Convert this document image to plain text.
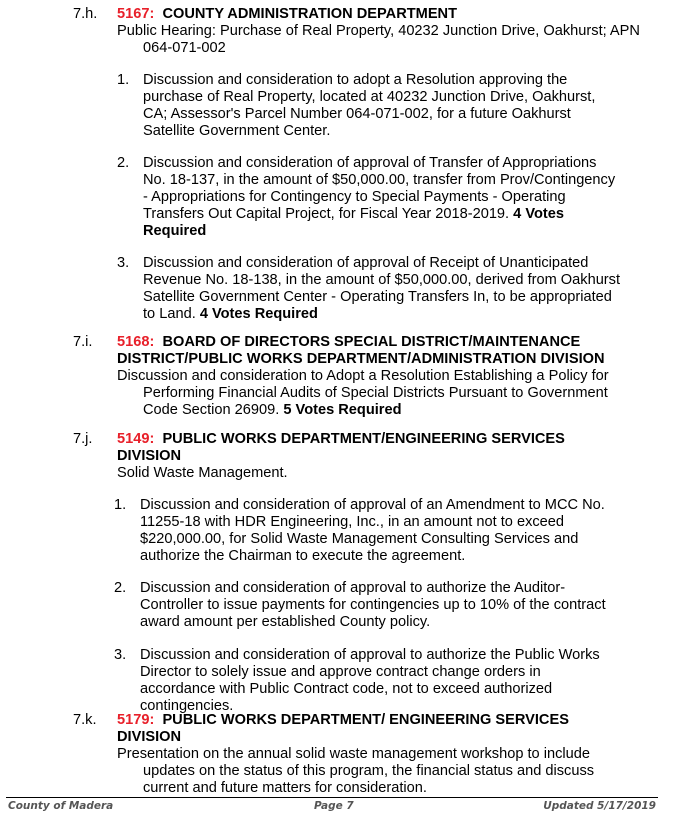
7.h. 5167: COUNTY ADMINISTRATION DEPARTMENT
Public Hearing: Purchase of Real Property, 40232 Junction Drive, Oakhurst; APN 064-071-002
1. Discussion and consideration to adopt a Resolution approving the purchase of Real Property, located at 40232 Junction Drive, Oakhurst, CA; Assessor's Parcel Number 064-071-002, for a future Oakhurst Satellite Government Center.
2. Discussion and consideration of approval of Transfer of Appropriations No. 18-137, in the amount of $50,000.00, transfer from Prov/Contingency - Appropriations for Contingency to Special Payments - Operating Transfers Out Capital Project, for Fiscal Year 2018-2019. 4 Votes Required
3. Discussion and consideration of approval of Receipt of Unanticipated Revenue No. 18-138, in the amount of $50,000.00, derived from Oakhurst Satellite Government Center - Operating Transfers In, to be appropriated to Land. 4 Votes Required
7.i. 5168: BOARD OF DIRECTORS SPECIAL DISTRICT/MAINTENANCE DISTRICT/PUBLIC WORKS DEPARTMENT/ADMINISTRATION DIVISION
Discussion and consideration to Adopt a Resolution Establishing a Policy for Performing Financial Audits of Special Districts Pursuant to Government Code Section 26909. 5 Votes Required
7.j. 5149: PUBLIC WORKS DEPARTMENT/ENGINEERING SERVICES DIVISION
Solid Waste Management.
1. Discussion and consideration of approval of an Amendment to MCC No. 11255-18 with HDR Engineering, Inc., in an amount not to exceed $220,000.00, for Solid Waste Management Consulting Services and authorize the Chairman to execute the agreement.
2. Discussion and consideration of approval to authorize the Auditor-Controller to issue payments for contingencies up to 10% of the contract award amount per established County policy.
3. Discussion and consideration of approval to authorize the Public Works Director to solely issue and approve contract change orders in accordance with Public Contract code, not to exceed authorized contingencies.
7.k. 5179: PUBLIC WORKS DEPARTMENT/ ENGINEERING SERVICES DIVISION
Presentation on the annual solid waste management workshop to include updates on the status of this program, the financial status and discuss current and future matters for consideration.
County of Madera	Page 7	Updated 5/17/2019
